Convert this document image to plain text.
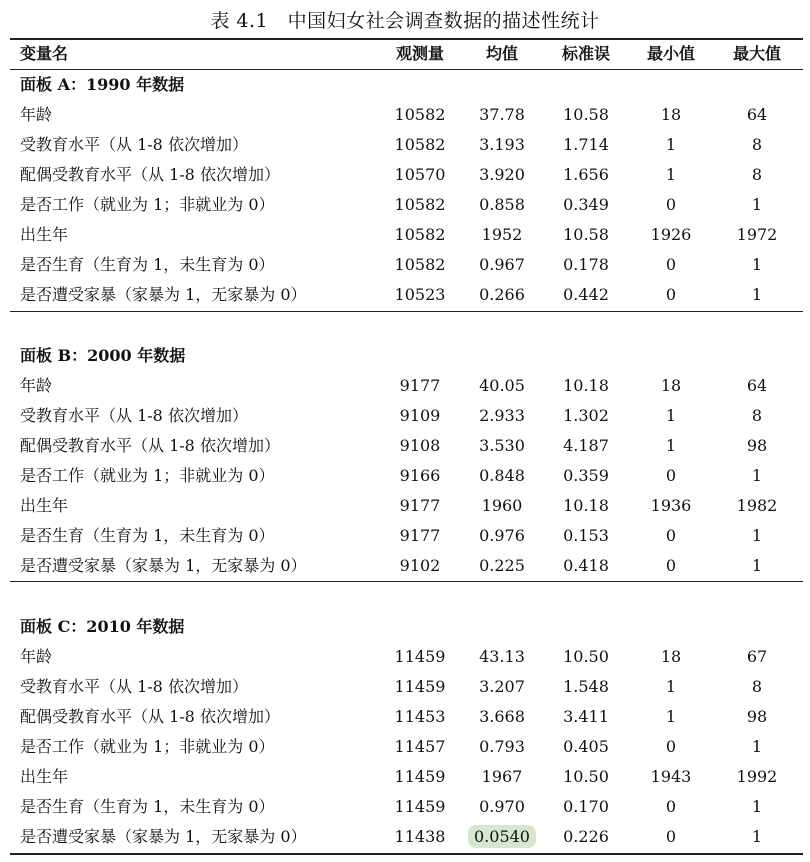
表 4.1　中国妇女社会调查数据的描述性统计
变量名	观测量	均值	标准误	最小值	最大值
面板 A：1990 年数据
年龄	10582	37.78	10.58	18	64
受教育水平（从 1-8 依次增加）	10582	3.193	1.714	1	8
配偶受教育水平（从 1-8 依次增加）	10570	3.920	1.656	1	8
是否工作（就业为 1；非就业为 0）	10582	0.858	0.349	0	1
出生年	10582	1952	10.58	1926	1972
是否生育（生育为 1，未生育为 0）	10582	0.967	0.178	0	1
是否遭受家暴（家暴为 1，无家暴为 0）	10523	0.266	0.442	0	1
面板 B：2000 年数据
年龄	9177	40.05	10.18	18	64
受教育水平（从 1-8 依次增加）	9109	2.933	1.302	1	8
配偶受教育水平（从 1-8 依次增加）	9108	3.530	4.187	1	98
是否工作（就业为 1；非就业为 0）	9166	0.848	0.359	0	1
出生年	9177	1960	10.18	1936	1982
是否生育（生育为 1，未生育为 0）	9177	0.976	0.153	0	1
是否遭受家暴（家暴为 1，无家暴为 0）	9102	0.225	0.418	0	1
面板 C：2010 年数据
年龄	11459	43.13	10.50	18	67
受教育水平（从 1-8 依次增加）	11459	3.207	1.548	1	8
配偶受教育水平（从 1-8 依次增加）	11453	3.668	3.411	1	98
是否工作（就业为 1；非就业为 0）	11457	0.793	0.405	0	1
出生年	11459	1967	10.50	1943	1992
是否生育（生育为 1，未生育为 0）	11459	0.970	0.170	0	1
是否遭受家暴（家暴为 1，无家暴为 0）	11438	0.0540	0.226	0	1
